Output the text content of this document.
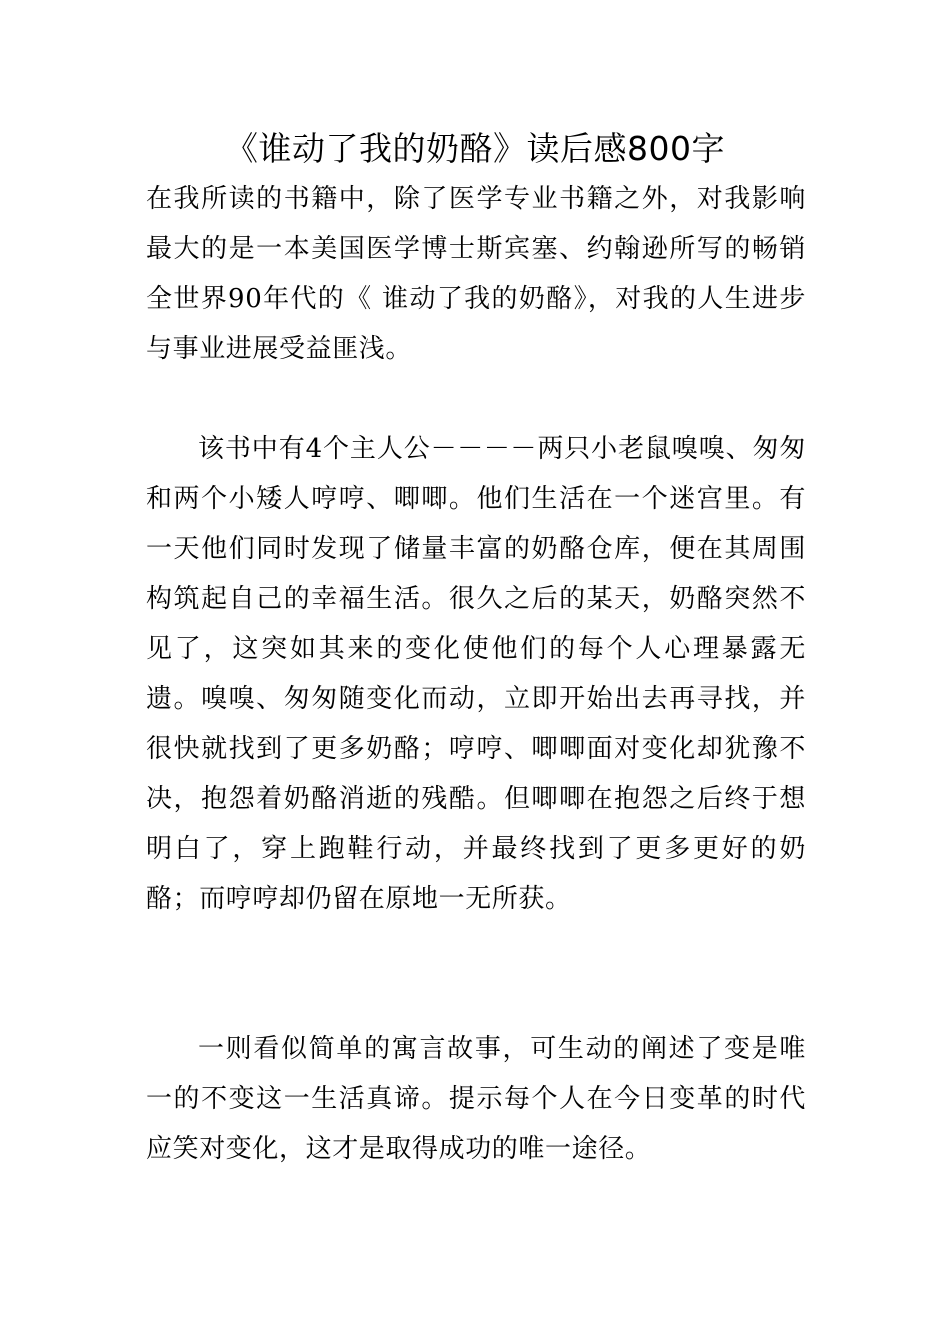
《谁动了我的奶酪》读后感800字

在我所读的书籍中，除了医学专业书籍之外，对我影响最大的是一本美国医学博士斯宾塞、约翰逊所写的畅销全世界90年代的《 谁动了我的奶酪》，对我的人生进步与事业进展受益匪浅。

该书中有4个主人公－－－－两只小老鼠嗅嗅、匆匆和两个小矮人哼哼、唧唧。他们生活在一个迷宫里。有一天他们同时发现了储量丰富的奶酪仓库，便在其周围构筑起自己的幸福生活。很久之后的某天，奶酪突然不见了，这突如其来的变化使他们的每个人心理暴露无遗。嗅嗅、匆匆随变化而动，立即开始出去再寻找，并很快就找到了更多奶酪；哼哼、唧唧面对变化却犹豫不决，抱怨着奶酪消逝的残酷。但唧唧在抱怨之后终于想明白了，穿上跑鞋行动，并最终找到了更多更好的奶酪；而哼哼却仍留在原地一无所获。

一则看似简单的寓言故事，可生动的阐述了变是唯一的不变这一生活真谛。提示每个人在今日变革的时代应笑对变化，这才是取得成功的唯一途径。
